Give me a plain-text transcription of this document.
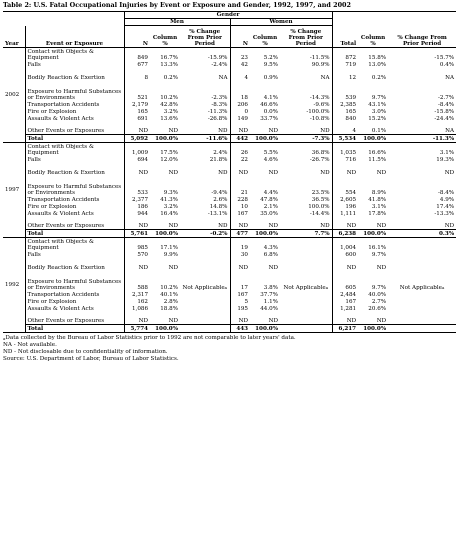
Table 2: U.S. Fatal Occupational Injuries by Event or Exposure and Gender, 1992, 1997, and 2002
		Gender								
		Men			Women					
Year	Event or Exposure	N	Column %	% Change From Prior Period	N	Column %	% Change From Prior Period	Total	Column %	% Change From Prior Period
2002	Contact with Objects & Equipment	849	16.7%	-15.9%	23	5.2%	-11.5%	872	15.8%	-15.7%
	Falls	677	13.3%	-2.4%	42	9.5%	90.9%	719	13.0%	0.4%
	Bodily Reaction & Exertion	8	0.2%	NA	4	0.9%	NA	12	0.2%	NA
	Exposure to Harmful Substances or Environments	521	10.2%	-2.3%	18	4.1%	-14.3%	539	9.7%	-2.7%
	Transportation Accidents	2,179	42.8%	-8.3%	206	46.6%	-9.6%	2,385	43.1%	-8.4%
	Fire or Explosion	165	3.2%	-11.3%	0	0.0%	-100.0%	165	3.0%	-15.8%
	Assaults & Violent Acts	691	13.6%	-26.8%	149	33.7%	-10.8%	840	15.2%	-24.4%
	Other Events or Exposures	ND	ND	ND	ND	ND	ND	4	0.1%	NA
	Total	5,092	100.0%	-11.6%	442	100.0%	-7.3%	5,534	100.0%	-11.3%
1997	Contact with Objects & Equipment	1,009	17.5%	2.4%	26	5.5%	36.8%	1,035	16.6%	3.1%
	Falls	694	12.0%	21.8%	22	4.6%	-26.7%	716	11.5%	19.3%
	Bodily Reaction & Exertion	ND	ND	ND	ND	ND	ND	ND	ND	ND
	Exposure to Harmful Substances or Environments	533	9.3%	-9.4%	21	4.4%	23.5%	554	8.9%	-8.4%
	Transportation Accidents	2,377	41.3%	2.6%	228	47.8%	36.5%	2,605	41.8%	4.9%
	Fire or Explosion	186	3.2%	14.8%	10	2.1%	100.0%	196	3.1%	17.4%
	Assaults & Violent Acts	944	16.4%	-13.1%	167	35.0%	-14.4%	1,111	17.8%	-13.3%
	Other Events or Exposures	ND	ND	ND	ND	ND	ND	ND	ND	ND
	Total	5,761	100.0%	-0.2%	477	100.0%	7.7%	6,238	100.0%	0.3%
1992	Contact with Objects & Equipment	985	17.1%		19	4.3%		1,004	16.1%	
	Falls	570	9.9%		30	6.8%		600	9.7%	
	Bodily Reaction & Exertion	ND	ND		ND	ND		ND	ND	
	Exposure to Harmful Substances or Environments	588	10.2%	Not Applicable$^a$	17	3.8%	Not Applicable$^a$	605	9.7%	Not Applicable$^a$
	Transportation Accidents	2,317	40.1%		167	37.7%		2,484	40.0%	
	Fire or Explosion	162	2.8%		5	1.1%		167	2.7%	
	Assaults & Violent Acts	1,086	18.8%		195	44.0%		1,281	20.6%	
	Other Events or Exposures	ND	ND		ND	ND		ND	ND	
	Total	5,774	100.0%		443	100.0%		6,217	100.0%	
$^a$Data collected by the Bureau of Labor Statistics prior to 1992 are not comparable to later years' data.
NA - Not available.
ND - Not disclosable due to confidentiality of information.
Source: U.S. Department of Labor, Bureau of Labor Statistics.
